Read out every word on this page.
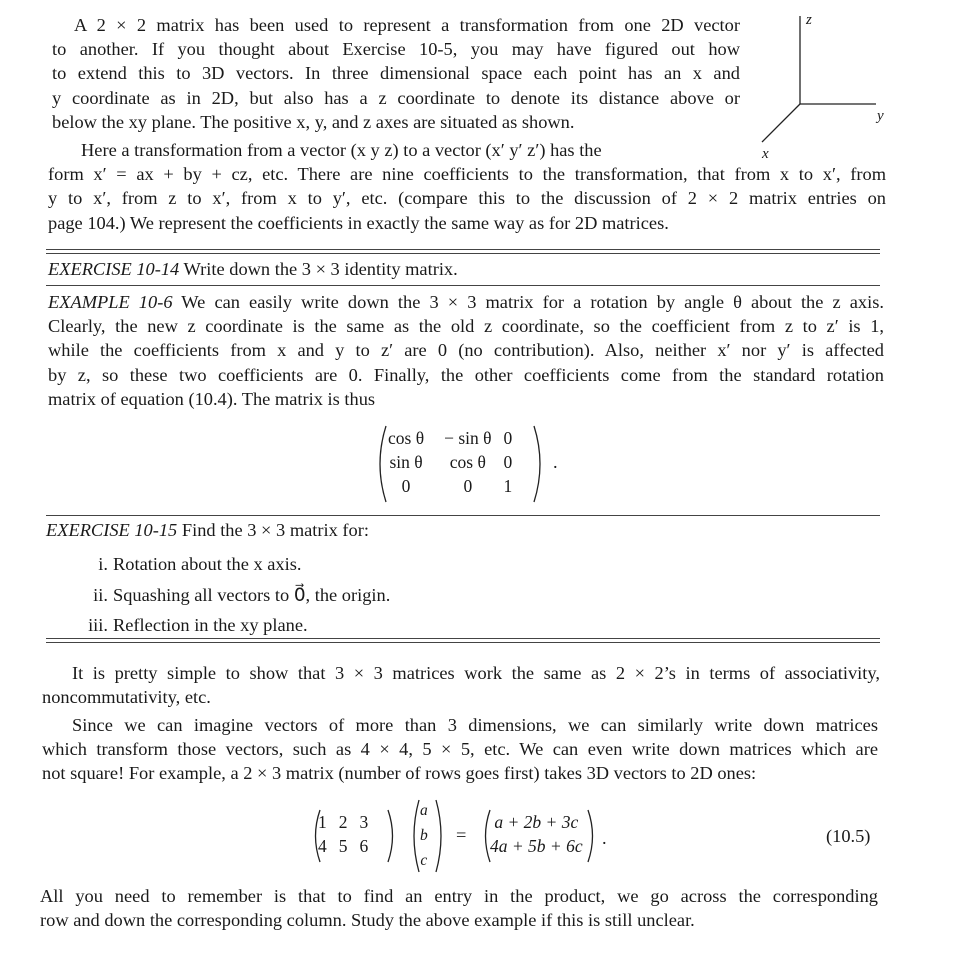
A 2 × 2 matrix has been used to represent a transformation from one 2D vector
to another. If you thought about Exercise 10-5, you may have figured out how
to extend this to 3D vectors. In three dimensional space each point has an x and
y coordinate as in 2D, but also has a z coordinate to denote its distance above or
below the xy plane. The positive x, y, and z axes are situated as shown.
z
y
x
Here a transformation from a vector (x y z) to a vector (x′ y′ z′) has the
form x′ = ax + by + cz, etc. There are nine coefficients to the transformation, that from x to x′, from
y to x′, from z to x′, from x to y′, etc. (compare this to the discussion of 2 × 2 matrix entries on
page 104.) We represent the coefficients in exactly the same way as for 2D matrices.
EXERCISE 10-14 Write down the 3 × 3 identity matrix.
EXAMPLE 10-6 We can easily write down the 3 × 3 matrix for a rotation by angle θ about the z axis.
Clearly, the new z coordinate is the same as the old z coordinate, so the coefficient from z to z′ is 1,
while the coefficients from x and y to z′ are 0 (no contribution). Also, neither x′ nor y′ is affected
by z, so these two coefficients are 0. Finally, the other coefficients come from the standard rotation
matrix of equation (10.4). The matrix is thus
cos θ	− sin θ	0
sin θ	cos θ	0
0	0	1
.
EXERCISE 10-15 Find the 3 × 3 matrix for:
i. Rotation about the x axis.
ii. Squashing all vectors to 0⃗, the origin.
iii. Reflection in the xy plane.
It is pretty simple to show that 3 × 3 matrices work the same as 2 × 2’s in terms of associativity,
noncommutativity, etc.
Since we can imagine vectors of more than 3 dimensions, we can similarly write down matrices
which transform those vectors, such as 4 × 4, 5 × 5, etc. We can even write down matrices which are
not square! For example, a 2 × 3 matrix (number of rows goes first) takes 3D vectors to 2D ones:
1	2	3
4	5	6
a
b
c
=
a + 2b + 3c
4a + 5b + 6c .	(10.5)
All you need to remember is that to find an entry in the product, we go across the corresponding
row and down the corresponding column. Study the above example if this is still unclear.
